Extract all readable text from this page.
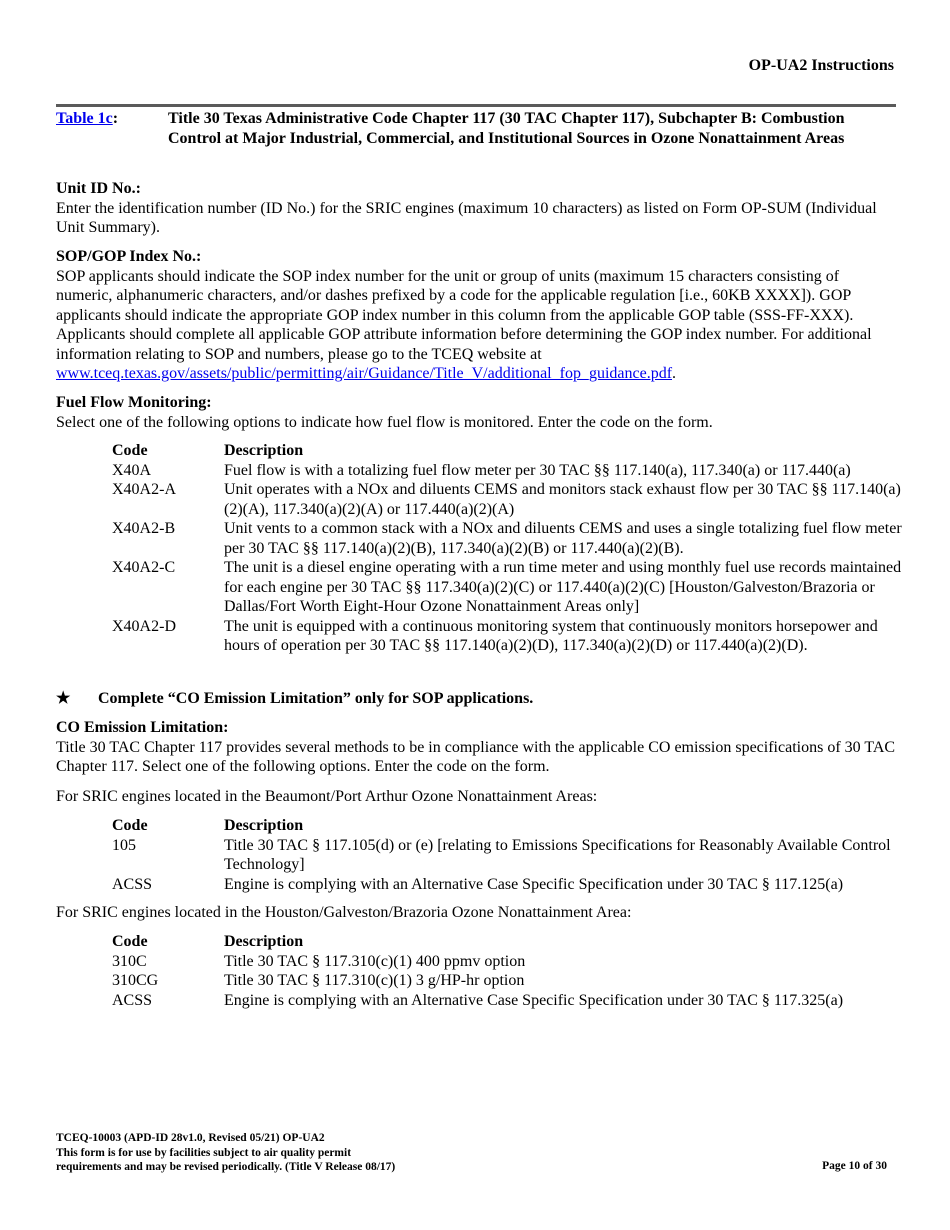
OP-UA2 Instructions
Table 1c:	Title 30 Texas Administrative Code Chapter 117 (30 TAC Chapter 117), Subchapter B: Combustion Control at Major Industrial, Commercial, and Institutional Sources in Ozone Nonattainment Areas
Unit ID No.:

Enter the identification number (ID No.) for the SRIC engines (maximum 10 characters) as listed on Form OP-SUM (Individual Unit Summary).

SOP/GOP Index No.:

SOP applicants should indicate the SOP index number for the unit or group of units (maximum 15 characters consisting of numeric, alphanumeric characters, and/or dashes prefixed by a code for the applicable regulation [i.e., 60KB XXXX]). GOP applicants should indicate the appropriate GOP index number in this column from the applicable GOP table (SSS-FF-XXX). Applicants should complete all applicable GOP attribute information before determining the GOP index number. For additional information relating to SOP and numbers, please go to the TCEQ website at www.tceq.texas.gov/assets/public/permitting/air/Guidance/Title_V/additional_fop_guidance.pdf.

Fuel Flow Monitoring:

Select one of the following options to indicate how fuel flow is monitored. Enter the code on the form.

Code	Description
X40A	Fuel flow is with a totalizing fuel flow meter per 30 TAC §§ 117.140(a), 117.340(a) or 117.440(a)
X40A2-A	Unit operates with a NOx and diluents CEMS and monitors stack exhaust flow per 30 TAC §§ 117.140(a)(2)(A), 117.340(a)(2)(A) or 117.440(a)(2)(A)
X40A2-B	Unit vents to a common stack with a NOx and diluents CEMS and uses a single totalizing fuel flow meter per 30 TAC §§ 117.140(a)(2)(B), 117.340(a)(2)(B) or 117.440(a)(2)(B).
X40A2-C	The unit is a diesel engine operating with a run time meter and using monthly fuel use records maintained for each engine per 30 TAC §§ 117.340(a)(2)(C) or 117.440(a)(2)(C) [Houston/Galveston/Brazoria or Dallas/Fort Worth Eight-Hour Ozone Nonattainment Areas only]
X40A2-D	The unit is equipped with a continuous monitoring system that continuously monitors horsepower and hours of operation per 30 TAC §§ 117.140(a)(2)(D), 117.340(a)(2)(D) or 117.440(a)(2)(D).
★ Complete “CO Emission Limitation” only for SOP applications.
CO Emission Limitation:

Title 30 TAC Chapter 117 provides several methods to be in compliance with the applicable CO emission specifications of 30 TAC Chapter 117. Select one of the following options. Enter the code on the form.

For SRIC engines located in the Beaumont/Port Arthur Ozone Nonattainment Areas:

Code	Description
105	Title 30 TAC § 117.105(d) or (e) [relating to Emissions Specifications for Reasonably Available Control Technology]
ACSS	Engine is complying with an Alternative Case Specific Specification under 30 TAC § 117.125(a)

For SRIC engines located in the Houston/Galveston/Brazoria Ozone Nonattainment Area:

Code	Description
310C	Title 30 TAC § 117.310(c)(1) 400 ppmv option
310CG	Title 30 TAC § 117.310(c)(1) 3 g/HP-hr option
ACSS	Engine is complying with an Alternative Case Specific Specification under 30 TAC § 117.325(a)
TCEQ-10003 (APD-ID 28v1.0, Revised 05/21) OP-UA2
This form is for use by facilities subject to air quality permit
requirements and may be revised periodically. (Title V Release 08/17)	Page 10 of 30
